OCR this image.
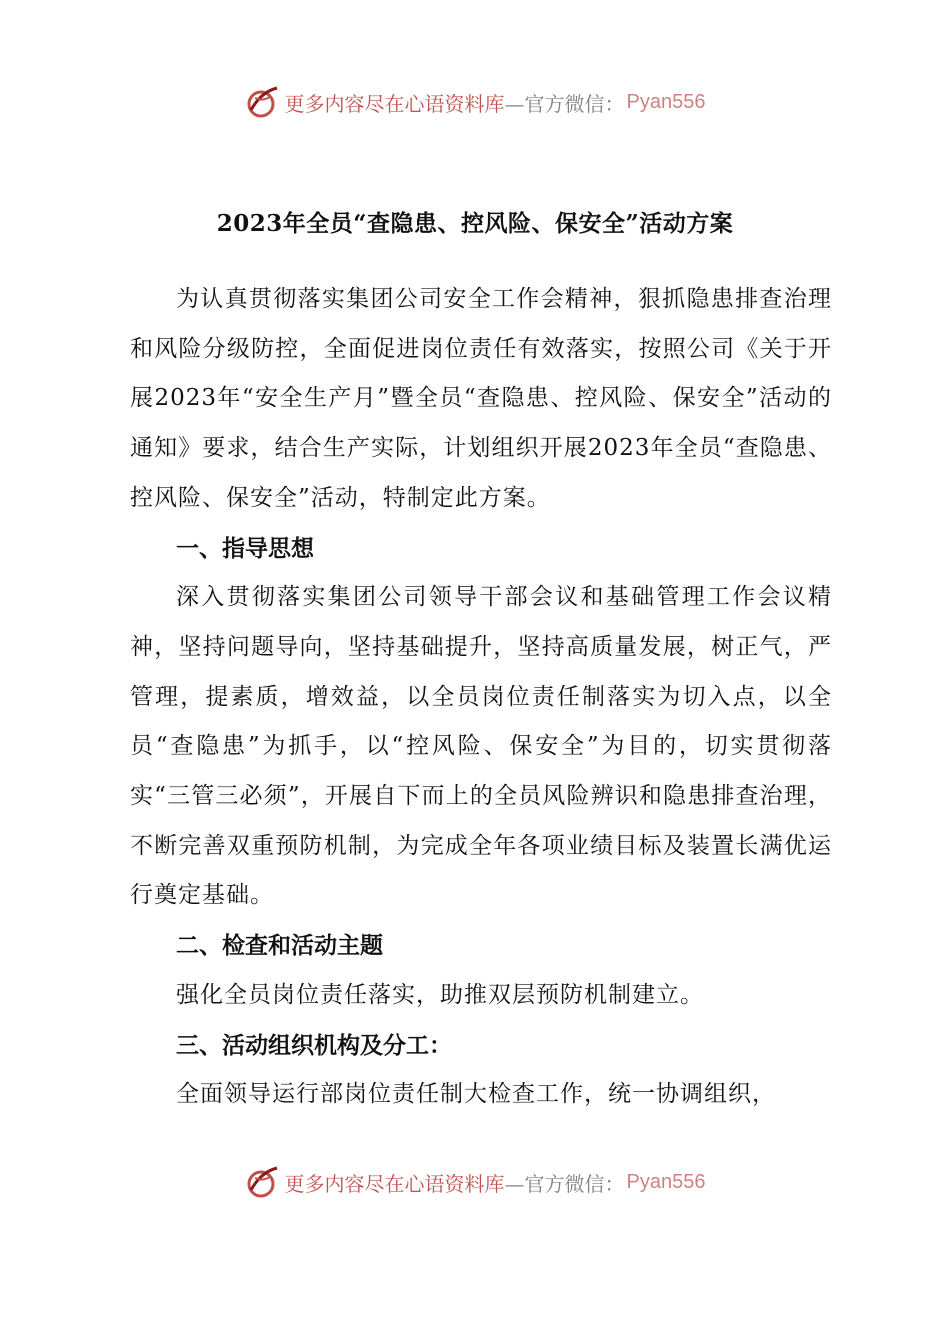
更多内容尽在心语资料库 —官方微信： Pyan556
2023年全员“查隐患、控风险、保安全”活动方案

为认真贯彻落实集团公司安全工作会精神，狠抓隐患排查治理和风险分级防控，全面促进岗位责任有效落实，按照公司《关于开展2023年“安全生产月”暨全员“查隐患、控风险、保安全”活动的通知》要求，结合生产实际，计划组织开展2023年全员“查隐患、控风险、保安全”活动，特制定此方案。

一、指导思想

深入贯彻落实集团公司领导干部会议和基础管理工作会议精神，坚持问题导向，坚持基础提升，坚持高质量发展，树正气，严管理，提素质，增效益，以全员岗位责任制落实为切入点，以全员“查隐患”为抓手，以“控风险、保安全”为目的，切实贯彻落实“三管三必须”，开展自下而上的全员风险辨识和隐患排查治理，不断完善双重预防机制，为完成全年各项业绩目标及装置长满优运行奠定基础。

二、检查和活动主题

强化全员岗位责任落实，助推双层预防机制建立。

三、活动组织机构及分工：

全面领导运行部岗位责任制大检查工作，统一协调组织，

更多内容尽在心语资料库 —官方微信： Pyan556
